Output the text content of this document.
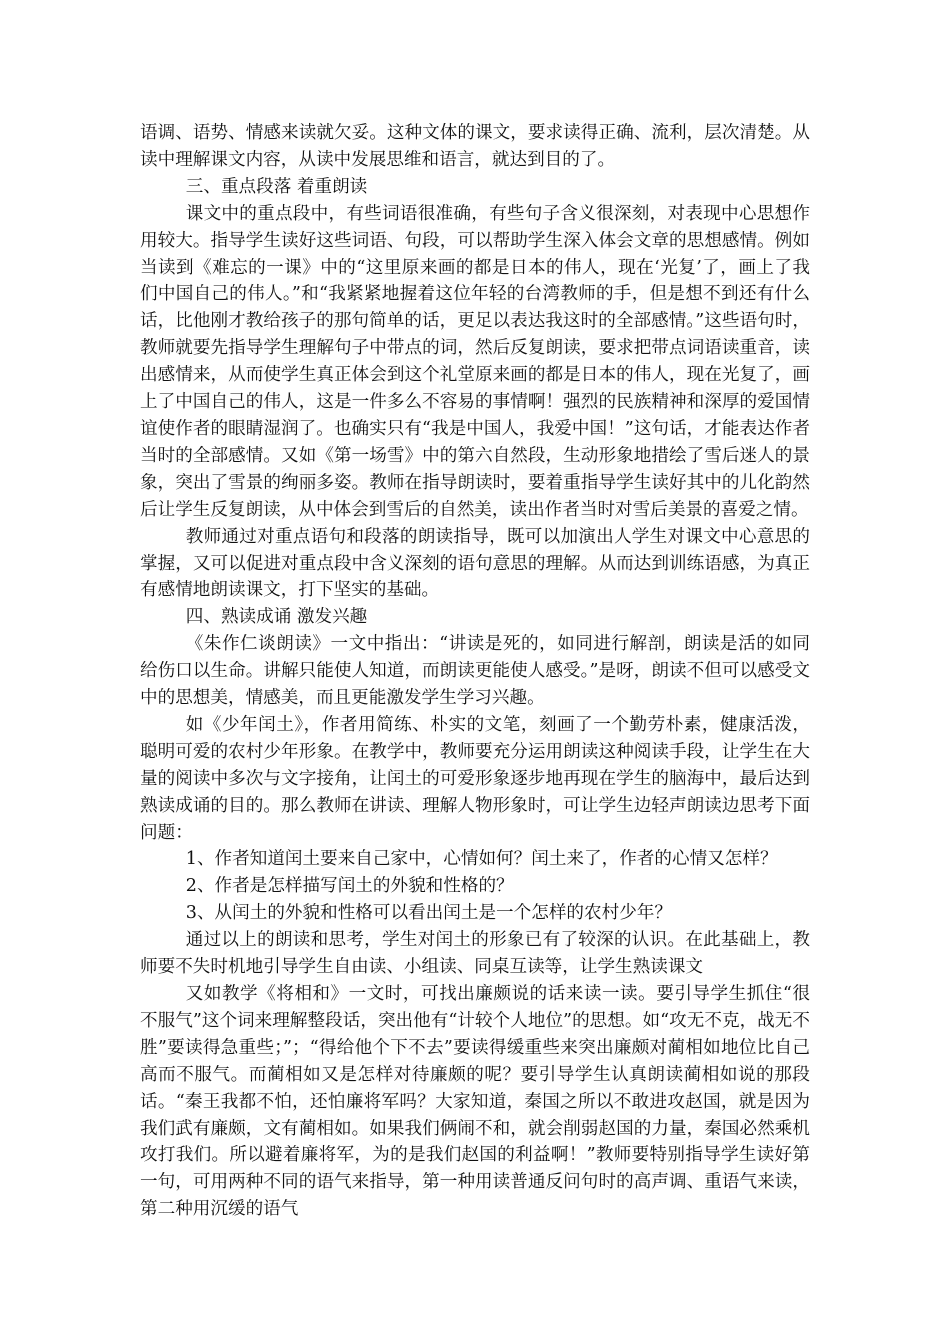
语调、语势、情感来读就欠妥。这种文体的课文，要求读得正确、流利，层次清楚。从读中理解课文内容，从读中发展思维和语言，就达到目的了。

三、重点段落 着重朗读

课文中的重点段中，有些词语很准确，有些句子含义很深刻，对表现中心思想作用较大。指导学生读好这些词语、句段，可以帮助学生深入体会文章的思想感情。例如当读到《难忘的一课》中的“这里原来画的都是日本的伟人，现在‘光复’了，画上了我们中国自己的伟人。”和“我紧紧地握着这位年轻的台湾教师的手，但是想不到还有什么话，比他刚才教给孩子的那句简单的话，更足以表达我这时的全部感情。”这些语句时，教师就要先指导学生理解句子中带点的词，然后反复朗读，要求把带点词语读重音，读出感情来，从而使学生真正体会到这个礼堂原来画的都是日本的伟人，现在光复了，画上了中国自己的伟人，这是一件多么不容易的事情啊！强烈的民族精神和深厚的爱国情谊使作者的眼睛湿润了。也确实只有“我是中国人，我爱中国！”这句话，才能表达作者当时的全部感情。又如《第一场雪》中的第六自然段，生动形象地措绘了雪后迷人的景象，突出了雪景的绚丽多姿。教师在指导朗读时，要着重指导学生读好其中的儿化韵然后让学生反复朗读，从中体会到雪后的自然美，读出作者当时对雪后美景的喜爱之情。

教师通过对重点语句和段落的朗读指导，既可以加演出人学生对课文中心意思的掌握，又可以促进对重点段中含义深刻的语句意思的理解。从而达到训练语感，为真正有感情地朗读课文，打下坚实的基础。

四、熟读成诵 激发兴趣

《朱作仁谈朗读》一文中指出：“讲读是死的，如同进行解剖，朗读是活的如同给伤口以生命。讲解只能使人知道，而朗读更能使人感受。”是呀，朗读不但可以感受文中的思想美，情感美，而且更能激发学生学习兴趣。

如《少年闰土》，作者用简练、朴实的文笔，刻画了一个勤劳朴素，健康活泼，聪明可爱的农村少年形象。在教学中，教师要充分运用朗读这种阅读手段，让学生在大量的阅读中多次与文字接角，让闰土的可爱形象逐步地再现在学生的脑海中，最后达到熟读成诵的目的。那么教师在讲读、理解人物形象时，可让学生边轻声朗读边思考下面问题：

1、作者知道闰土要来自己家中，心情如何？闰土来了，作者的心情又怎样？

2、作者是怎样描写闰土的外貌和性格的？

3、从闰土的外貌和性格可以看出闰土是一个怎样的农村少年？

通过以上的朗读和思考，学生对闰土的形象已有了较深的认识。在此基础上，教师要不失时机地引导学生自由读、小组读、同桌互读等，让学生熟读课文

又如教学《将相和》一文时，可找出廉颇说的话来读一读。要引导学生抓住“很不服气”这个词来理解整段话，突出他有“计较个人地位”的思想。如“攻无不克，战无不胜”要读得急重些；”；“得给他个下不去”要读得缓重些来突出廉颇对蔺相如地位比自己高而不服气。而蔺相如又是怎样对待廉颇的呢？要引导学生认真朗读蔺相如说的那段话。“秦王我都不怕，还怕廉将军吗？大家知道，秦国之所以不敢进攻赵国，就是因为我们武有廉颇，文有蔺相如。如果我们俩闹不和，就会削弱赵国的力量，秦国必然乘机攻打我们。所以避着廉将军，为的是我们赵国的利益啊！”教师要特别指导学生读好第一句，可用两种不同的语气来指导，第一种用读普通反问句时的高声调、重语气来读，第二种用沉缓的语气
